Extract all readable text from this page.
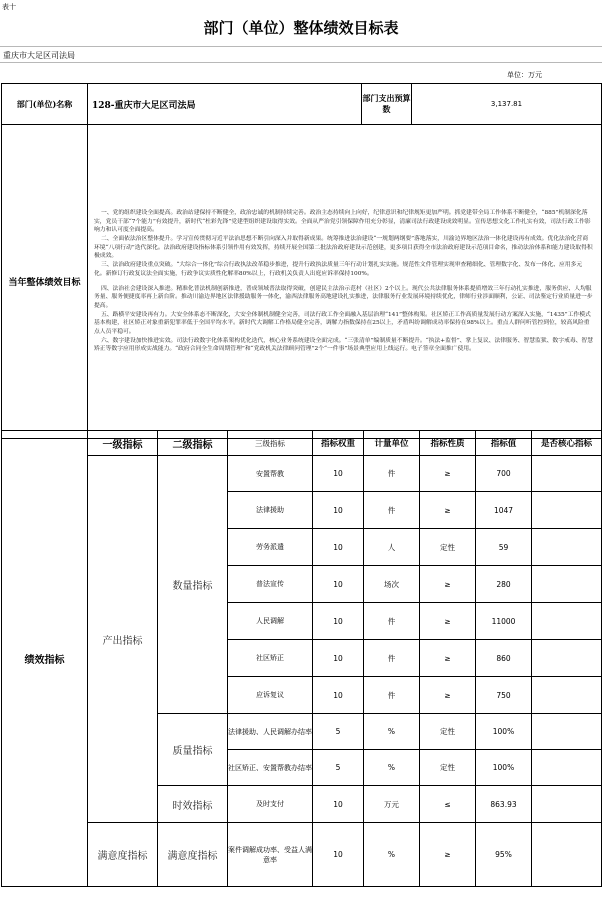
表十
部门（单位）整体绩效目标表
重庆市大足区司法局
单位：万元
部门(单位)名称	128-重庆市大足区司法局	部门支出预算数	3,137.81
当年整体绩效目标	

一、党的组织建设全面提高。政治站建保持不断健全，政治忠诚的机制持续完善。政治主态持续向上向好，纪律意识和纪律规矩更加严明。抓党建带全局工作体系不断健全，“885”机制深化落实，党员干部“7个能力”有效提升，新时代“杜彩先锋”党建型组织建设取得实效。全面从严治党引领保障作用充分彰显，清廉司法行政建设成效明显。宣传思想文化工作扎实有效，司法行政工作影响力和认可度全面提高。

二、全面依法治区整体提升。学习宣传贯彻习近平法治思想不断引向深入并取得新成果。统筹推进法治建设“一规划两纲要”落地落实，川渝边界地区法治一体化建设再有成效。优化法治化营商环境“八项行动”迭代深化。法治政府建设指标体系引领作用有效发挥，持续开展全国第二批法治政府建设示范创建，更多项目获得全市法治政府建设示范项目命名，推动法治体系和能力建设取得积极成效。

三、法治政府建设重点突破。“大综合一体化”综合行政执法改革稳步推进，提升行政执法质量三年行动计划扎实实施。规范性文件管理实现审查精细化、管理数字化、发布一体化、应用多元化。新修订行政复议法全面实施，行政争议实质性化解率80%以上，行政机关负责人出庭应诉率保持100%。

四、法治社会建设深入推进。精准化普法机制创新推进，普成领域普法取得突破，创建民主法治示范村（社区）2个以上。现代公共法律服务体系提质增效三年行动扎实推进，服务供应、人均服务量、服务便捷度率再上新台阶。推动川渝边界地区法律援助服务一体化，渝西法律服务高地建设扎实推进，法律服务行业发展环境持续优化，律师行业涉面顺利，公证、司法鉴定行业质量进一步提高。

五、路横平安建设再有力。大安全体系态不断深化，大安全体制机制健全完善，司法行政工作全面融入基层治理“141”整体构架。社区矫正工作高质量发展行动方案深入实施，“1435”工作模式基本构建，社区矫正对象重新犯罪率低于全国平均水平。新时代大调解工作格局健全完善，调解力指数保持在25以上，矛盾纠纷调解成功率保持在98%以上。重点人群问听管控到位，较高风险重点人员平稳可。

六、数字建设加快推进实效。司法行政数字化体系架构优化迭代，核心业务系统建设全面完成。“三张清单”编制质量不断提升。“执法+监督”、掌上复议、法律服务、智慧监狱、数字戒毒、智慧矫正等数字应用形成实战能力。“政府合同全生命周期管理”和“党政机关法律顾问管理”2个“一件事”场景典型应用上线运行。电子签章全面推广使用。

绩效指标	一级指标	二级指标	三级指标	指标权重	计量单位	指标性质	指标值	是否核心指标
	产出指标	数量指标	安置帮教	10	件	≥	700	
			法律援助	10	件	≥	1047	
			劳务派遣	10	人	定性	59	
			普法宣传	10	场次	≥	280	
			人民调解	10	件	≥	11000	
			社区矫正	10	件	≥	860	
			应诉复议	10	件	≥	750	
		质量指标	法律援助、人民调解办结率	5	%	定性	100%	
			社区矫正、安置帮教办结率	5	%	定性	100%	
		时效指标	及时支付	10	万元	≤	863.93	
	满意度指标	满意度指标	案件调解成功率、受益人满意率	10	%	≥	95%	
